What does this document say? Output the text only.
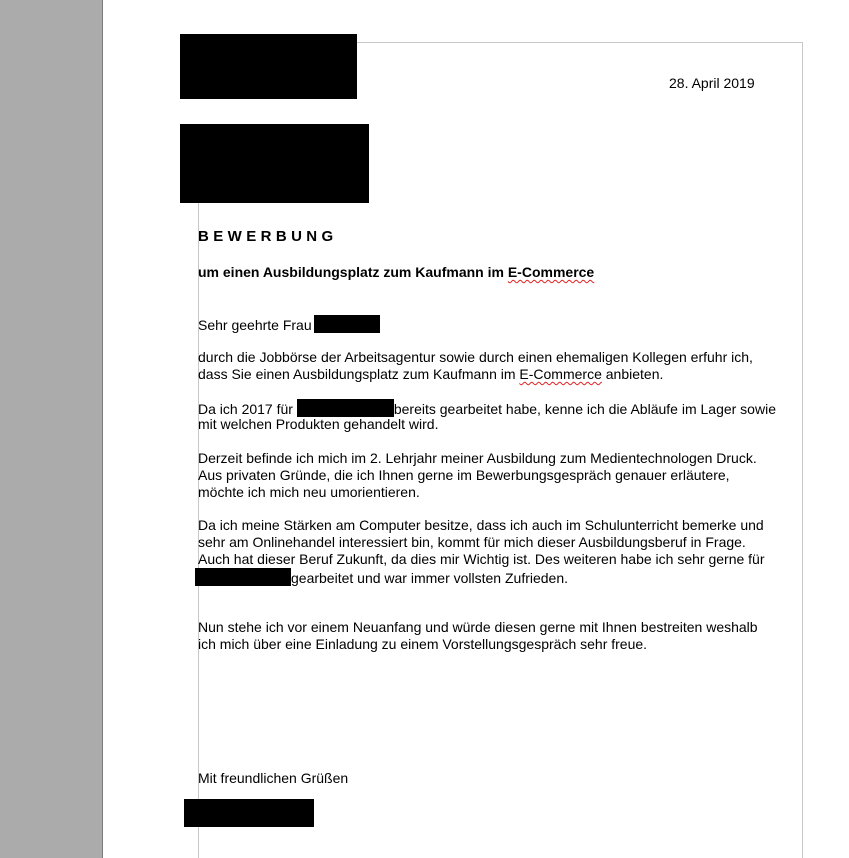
28. April 2019
BEWERBUNG
um einen Ausbildungsplatz zum Kaufmann im E-Commerce
Sehr geehrte Frau
durch die Jobbörse der Arbeitsagentur sowie durch einen ehemaligen Kollegen erfuhr ich,
dass Sie einen Ausbildungsplatz zum Kaufmann im E-Commerce anbieten.
Da ich 2017 für	bereits gearbeitet habe, kenne ich die Abläufe im Lager sowie
mit welchen Produkten gehandelt wird.
Derzeit befinde ich mich im 2. Lehrjahr meiner Ausbildung zum Medientechnologen Druck.
Aus privaten Gründe, die ich Ihnen gerne im Bewerbungsgespräch genauer erläutere,
möchte ich mich neu umorientieren.
Da ich meine Stärken am Computer besitze, dass ich auch im Schulunterricht bemerke und
sehr am Onlinehandel interessiert bin, kommt für mich dieser Ausbildungsberuf in Frage.
Auch hat dieser Beruf Zukunft, da dies mir Wichtig ist. Des weiteren habe ich sehr gerne für
gearbeitet und war immer vollsten Zufrieden.
Nun stehe ich vor einem Neuanfang und würde diesen gerne mit Ihnen bestreiten weshalb
ich mich über eine Einladung zu einem Vorstellungsgespräch sehr freue.
Mit freundlichen Grüßen
